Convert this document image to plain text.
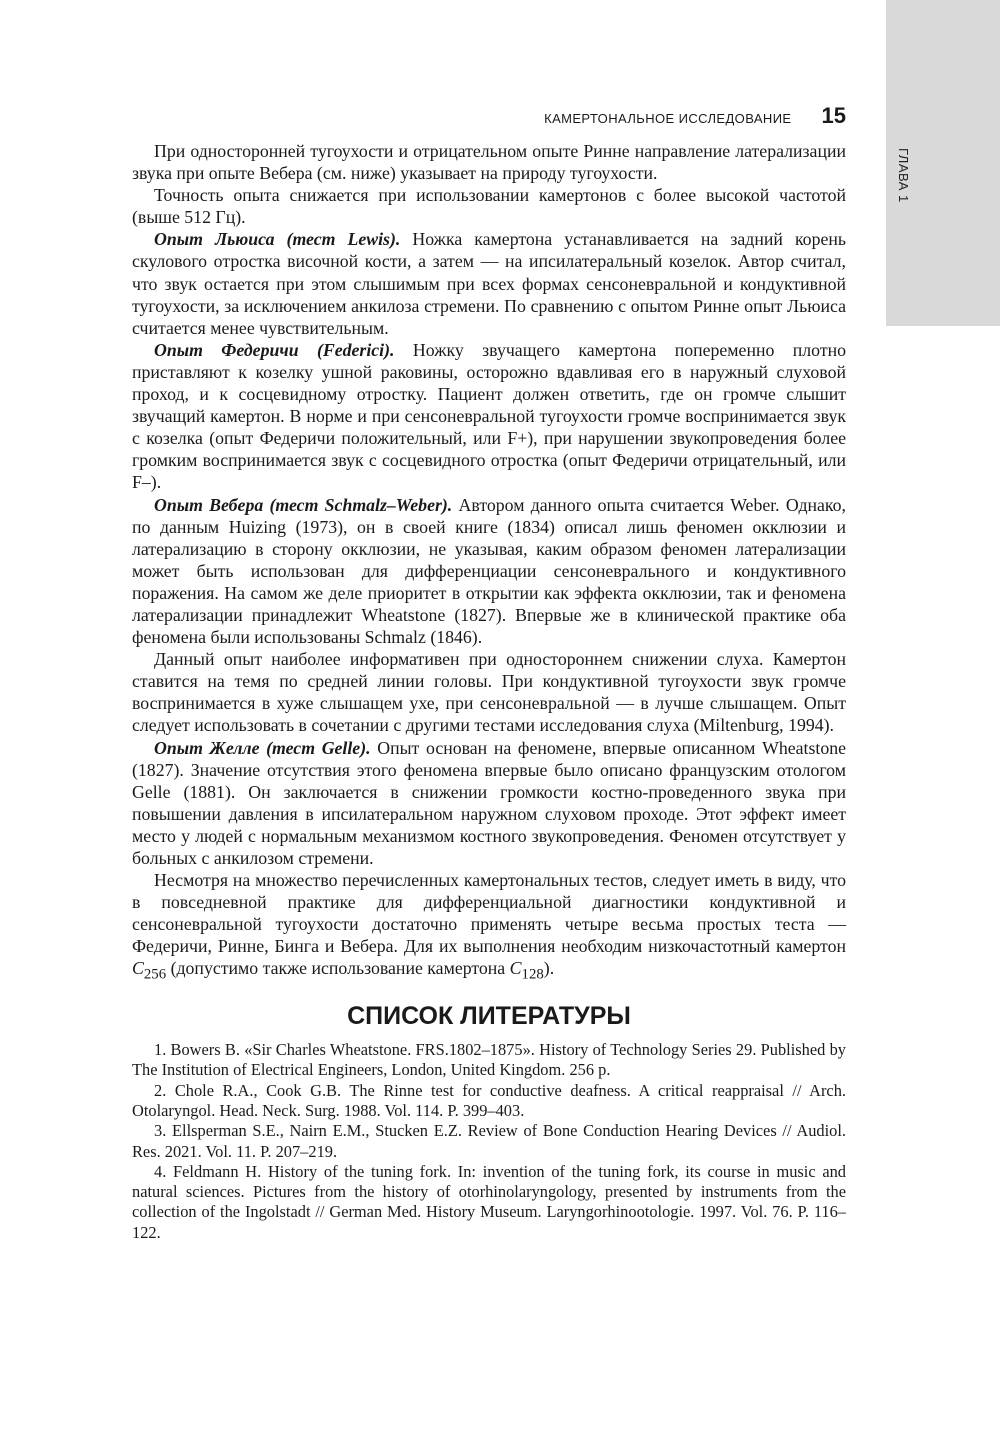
ГЛАВА 1
КАМЕРТОНАЛЬНОЕ ИССЛЕДОВАНИЕ 15

При односторонней тугоухости и отрицательном опыте Ринне направление латерализации звука при опыте Вебера (см. ниже) указывает на природу тугоухости.

Точность опыта снижается при использовании камертонов с более высокой частотой (выше 512 Гц).

Опыт Льюиса (тест Lewis). Ножка камертона устанавливается на задний корень скулового отростка височной кости, а затем — на ипсилатеральный козелок. Автор считал, что звук остается при этом слышимым при всех формах сенсоневральной и кондуктивной тугоухости, за исключением анкилоза стремени. По сравнению с опытом Ринне опыт Льюиса считается менее чувствительным.

Опыт Федеричи (Federici). Ножку звучащего камертона попеременно плотно приставляют к козелку ушной раковины, осторожно вдавливая его в наружный слуховой проход, и к сосцевидному отростку. Пациент должен ответить, где он громче слышит звучащий камертон. В норме и при сенсоневральной тугоухости громче воспринимается звук с козелка (опыт Федеричи положительный, или F+), при нарушении звукопроведения более громким воспринимается звук с сосцевидного отростка (опыт Федеричи отрицательный, или F–).

Опыт Вебера (тест Schmalz–Weber). Автором данного опыта считается Weber. Однако, по данным Huizing (1973), он в своей книге (1834) описал лишь феномен окклюзии и латерализацию в сторону окклюзии, не указывая, каким образом феномен латерализации может быть использован для дифференциации сенсоневрального и кондуктивного поражения. На самом же деле приоритет в открытии как эффекта окклюзии, так и феномена латерализации принадлежит Wheatstone (1827). Впервые же в клинической практике оба феномена были использованы Schmalz (1846).

Данный опыт наиболее информативен при одностороннем снижении слуха. Камертон ставится на темя по средней линии головы. При кондуктивной тугоухости звук громче воспринимается в хуже слышащем ухе, при сенсоневральной — в лучше слышащем. Опыт следует использовать в сочетании с другими тестами исследования слуха (Miltenburg, 1994).

Опыт Желле (тест Gelle). Опыт основан на феномене, впервые описанном Wheatstone (1827). Значение отсутствия этого феномена впервые было описано французским отологом Gelle (1881). Он заключается в снижении громкости костно-проведенного звука при повышении давления в ипсилатеральном наружном слуховом проходе. Этот эффект имеет место у людей с нормальным механизмом костного звукопроведения. Феномен отсутствует у больных с анкилозом стремени.

Несмотря на множество перечисленных камертональных тестов, следует иметь в виду, что в повседневной практике для дифференциальной диагностики кондуктивной и сенсоневральной тугоухости достаточно применять четыре весьма простых теста — Федеричи, Ринне, Бинга и Вебера. Для их выполнения необходим низкочастотный камертон $C_{256}$ (допустимо также использование камертона $C_{128}$).

СПИСОК ЛИТЕРАТУРЫ

1. Bowers B. «Sir Charles Wheatstone. FRS.1802–1875». History of Technology Series 29. Published by The Institution of Electrical Engineers, London, United Kingdom. 256 p.

2. Chole R.A., Cook G.B. The Rinne test for conductive deafness. A critical reappraisal // Arch. Otolaryngol. Head. Neck. Surg. 1988. Vol. 114. P. 399–403.

3. Ellsperman S.E., Nairn E.M., Stucken E.Z. Review of Bone Conduction Hearing Devices // Audiol. Res. 2021. Vol. 11. P. 207–219.

4. Feldmann H. History of the tuning fork. In: invention of the tuning fork, its course in music and natural sciences. Pictures from the history of otorhinolaryngology, presented by instruments from the collection of the Ingolstadt // German Med. History Museum. Laryngorhinootologie. 1997. Vol. 76. P. 116–122.
